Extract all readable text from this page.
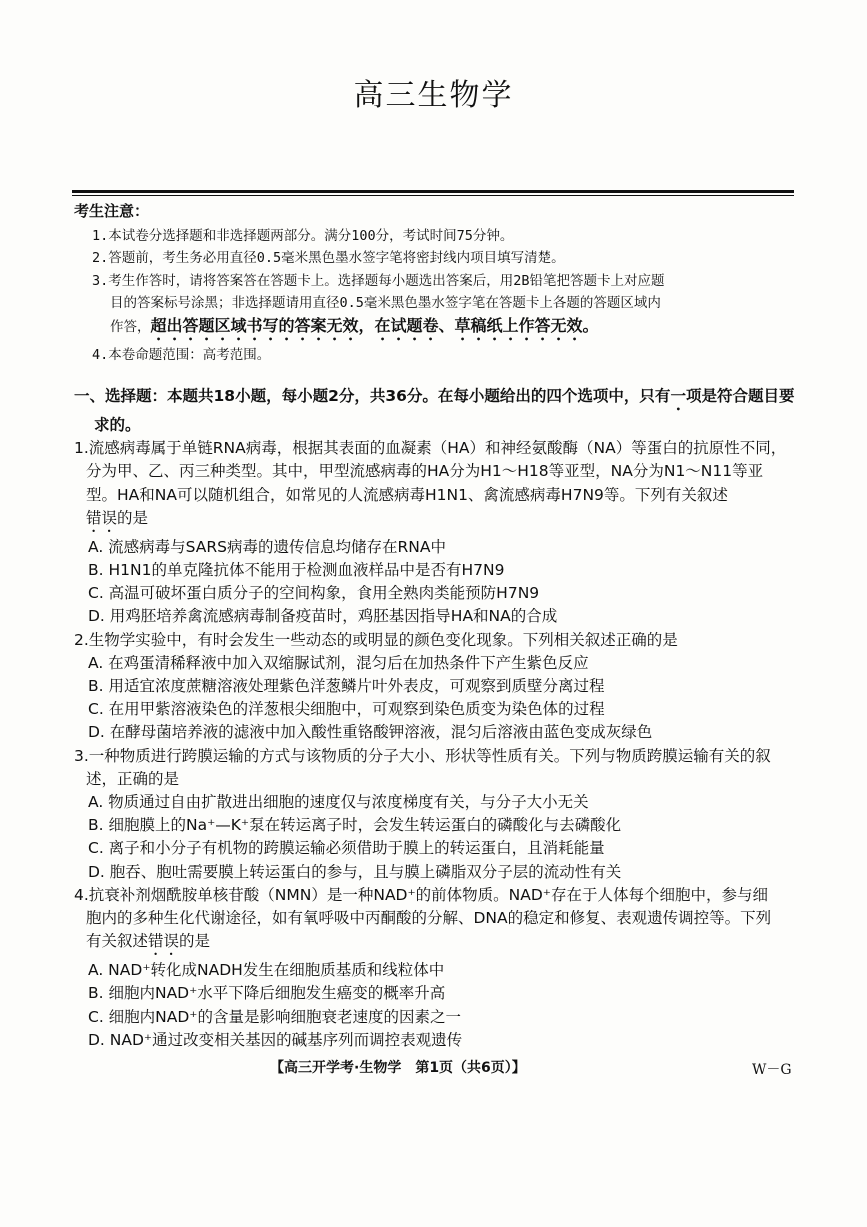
高三生物学
考生注意：

1.本试卷分选择题和非选择题两部分。满分100分，考试时间75分钟。

2.答题前，考生务必用直径0.5毫米黑色墨水签字笔将密封线内项目填写清楚。

3.考生作答时，请将答案答在答题卡上。选择题每小题选出答案后，用2B铅笔把答题卡上对应题

目的答案标号涂黑；非选择题请用直径0.5毫米黑色墨水签字笔在答题卡上各题的答题区域内

作答，超出答题区域书写的答案无效，在试题卷、草稿纸上作答无效。

4.本卷命题范围：高考范围。

一、选择题：本题共18小题，每小题2分，共36分。在每小题给出的四个选项中，只有一项是符合题目要
求的。

1.流感病毒属于单链RNA病毒，根据其表面的血凝素（HA）和神经氨酸酶（NA）等蛋白的抗原性不同，

分为甲、乙、丙三种类型。其中，甲型流感病毒的HA分为H1～H18等亚型，NA分为N1～N11等亚

型。HA和NA可以随机组合，如常见的人流感病毒H1N1、禽流感病毒H7N9等。下列有关叙述

错误的是

A. 流感病毒与SARS病毒的遗传信息均储存在RNA中

B. H1N1的单克隆抗体不能用于检测血液样品中是否有H7N9

C. 高温可破坏蛋白质分子的空间构象，食用全熟肉类能预防H7N9

D. 用鸡胚培养禽流感病毒制备疫苗时，鸡胚基因指导HA和NA的合成

2.生物学实验中，有时会发生一些动态的或明显的颜色变化现象。下列相关叙述正确的是

A. 在鸡蛋清稀释液中加入双缩脲试剂，混匀后在加热条件下产生紫色反应

B. 用适宜浓度蔗糖溶液处理紫色洋葱鳞片叶外表皮，可观察到质壁分离过程

C. 在用甲紫溶液染色的洋葱根尖细胞中，可观察到染色质变为染色体的过程

D. 在酵母菌培养液的滤液中加入酸性重铬酸钾溶液，混匀后溶液由蓝色变成灰绿色

3.一种物质进行跨膜运输的方式与该物质的分子大小、形状等性质有关。下列与物质跨膜运输有关的叙

述，正确的是

A. 物质通过自由扩散进出细胞的速度仅与浓度梯度有关，与分子大小无关

B. 细胞膜上的Na⁺—K⁺泵在转运离子时，会发生转运蛋白的磷酸化与去磷酸化

C. 离子和小分子有机物的跨膜运输必须借助于膜上的转运蛋白，且消耗能量

D. 胞吞、胞吐需要膜上转运蛋白的参与，且与膜上磷脂双分子层的流动性有关

4.抗衰补剂烟酰胺单核苷酸（NMN）是一种NAD⁺的前体物质。NAD⁺存在于人体每个细胞中，参与细

胞内的多种生化代谢途径，如有氧呼吸中丙酮酸的分解、DNA的稳定和修复、表观遗传调控等。下列

有关叙述错误的是

A. NAD⁺转化成NADH发生在细胞质基质和线粒体中

B. 细胞内NAD⁺水平下降后细胞发生癌变的概率升高

C. 细胞内NAD⁺的含量是影响细胞衰老速度的因素之一

D. NAD⁺通过改变相关基因的碱基序列而调控表观遗传

【高三开学考·生物学　第1页（共6页）】	W－G
